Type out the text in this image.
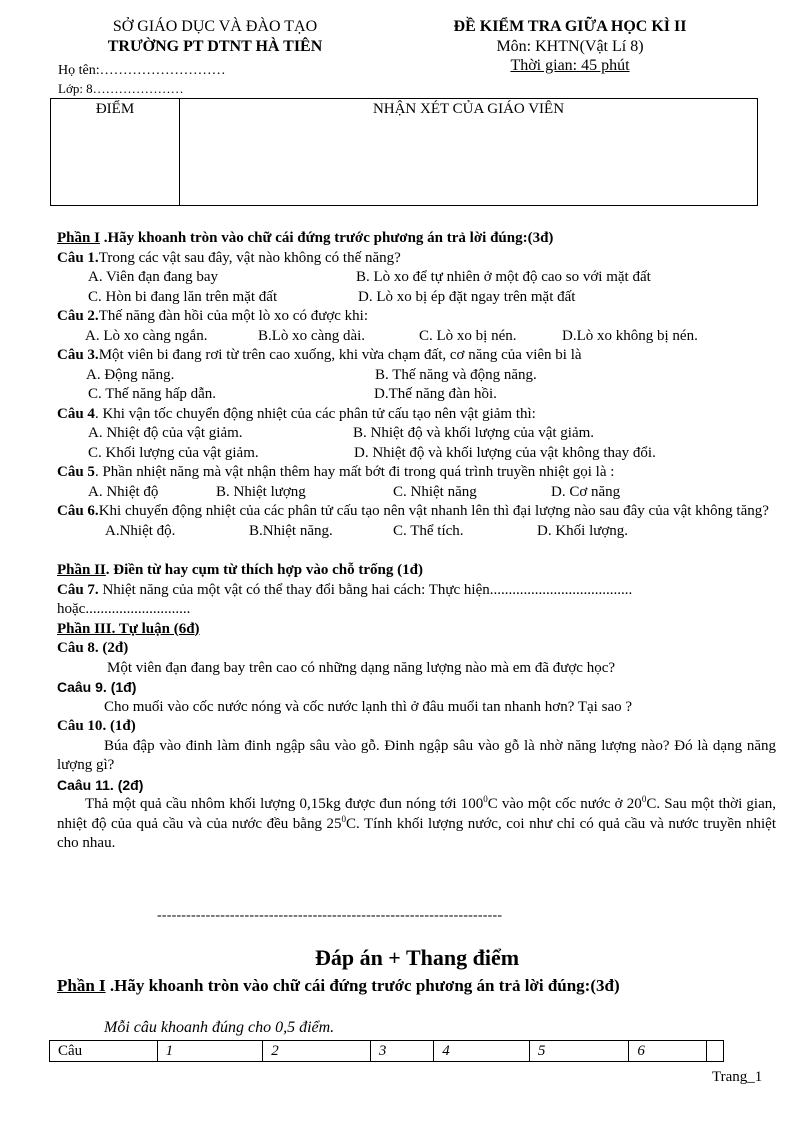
SỞ GIÁO DỤC VÀ ĐÀO TẠO
TRƯỜNG PT DTNT HÀ TIÊN
ĐỀ KIỂM TRA GIỮA HỌC KÌ II
Môn: KHTN(Vật Lí 8)
Thời gian: 45 phút
Họ tên:………………………
Lớp: 8…………………
ĐIỂM	NHẬN XÉT CỦA GIÁO VIÊN
Phần I .Hãy khoanh tròn vào chữ cái đứng trước phương án trả lời đúng:(3đ)
Câu 1.Trong các vật sau đây, vật nào không có thế năng?
A. Viên đạn đang bay	B. Lò xo để tự nhiên ở một độ cao so với mặt đất
C. Hòn bi đang lăn trên mặt đất	D. Lò xo bị ép đặt ngay trên mặt đất
Câu 2.Thế năng đàn hồi của một lò xo có được khi:
A. Lò xo càng ngắn.	B.Lò xo càng dài.	C. Lò xo bị nén.	D.Lò xo không bị nén.
Câu 3.Một viên bi đang rơi từ trên cao xuống, khi vừa chạm đất, cơ năng của viên bi là
A. Động năng.	B. Thế năng và động năng.
C. Thế năng hấp dẫn.	D.Thế năng đàn hồi.
Câu 4. Khi vận tốc chuyển động nhiệt của các phân tử cấu tạo nên vật giảm thì:
A. Nhiệt độ của vật giảm.	B. Nhiệt độ và khối lượng của vật giảm.
C. Khối lượng của vật giảm.	D. Nhiệt độ và khối lượng của vật không thay đổi.
Câu 5. Phần nhiệt năng mà vật nhận thêm hay mất bớt đi trong quá trình truyền nhiệt gọi là :
A. Nhiệt độ	B. Nhiệt lượng	C. Nhiệt năng	D. Cơ năng
Câu 6.Khi chuyển động nhiệt của các phân tử cấu tạo nên vật nhanh lên thì đại lượng nào sau đây của vật không tăng?
A.Nhiệt độ.	B.Nhiệt năng.	C. Thể tích.	D. Khối lượng.
Phần II. Điền từ hay cụm từ thích hợp vào chỗ trống (1đ)
Câu 7. Nhiệt năng của một vật có thể thay đổi bằng hai cách: Thực hiện......................................
hoặc............................
Phần III. Tự luận (6đ)
Câu 8. (2đ)
Một viên đạn đang bay trên cao có những dạng năng lượng nào mà em đã được học?
Caâu 9. (1đ)
Cho muối vào cốc nước nóng và cốc nước lạnh thì ở đâu muối tan nhanh hơn? Tại sao ?
Câu 10. (1đ)
Búa đập vào đinh làm đinh ngập sâu vào gỗ. Đinh ngập sâu vào gỗ là nhờ năng lượng nào? Đó là dạng năng lượng gì?
Caâu 11. (2đ)
Thả một quả cầu nhôm khối lượng 0,15kg được đun nóng tới $100^0C$ vào một cốc nước ở $20^0C$. Sau một thời gian, nhiệt độ của quả cầu và của nước đều bằng $25^0C$. Tính khối lượng nước, coi như chỉ có quả cầu và nước truyền nhiệt cho nhau.
-----------------------------------------------------------------------
Đáp án + Thang điểm
Phần I .Hãy khoanh tròn vào chữ cái đứng trước phương án trả lời đúng:(3đ)
Mỗi câu khoanh đúng cho 0,5 điểm.
Câu	1	2	3	4	5	6	
Trang_1
